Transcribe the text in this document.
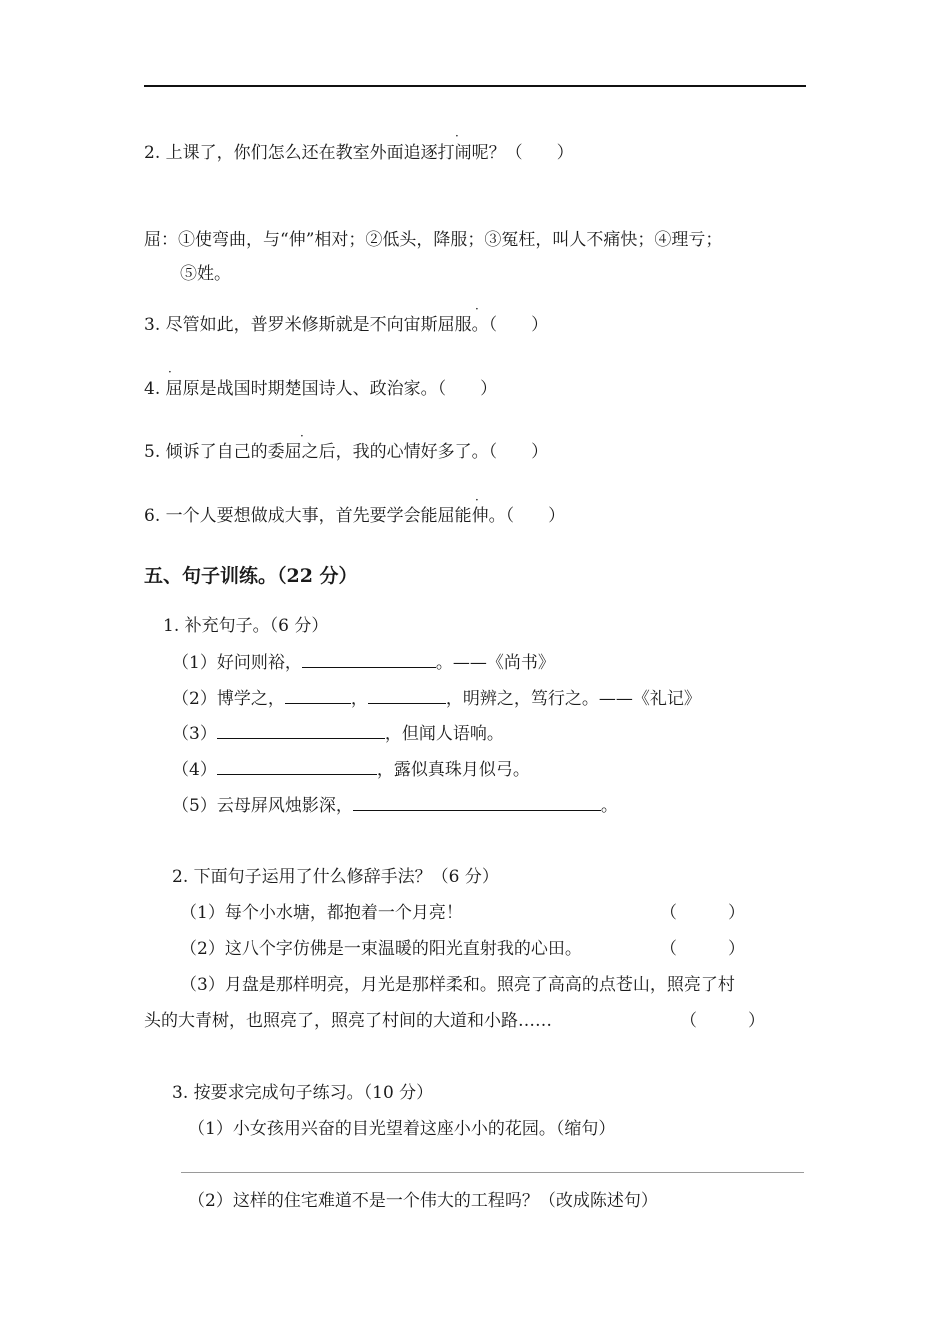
·
2. 上课了，你们怎么还在教室外面追逐打闹呢？（　　）
屈：①使弯曲，与“伸”相对；②低头，降服；③冤枉，叫人不痛快；④理亏；
⑤姓。
·
3. 尽管如此，普罗米修斯就是不向宙斯屈服。（　　）
·
4. 屈原是战国时期楚国诗人、政治家。（　　）
·
5. 倾诉了自己的委屈之后，我的心情好多了。（　　）
·
6. 一个人要想做成大事，首先要学会能屈能伸。（　　）
五、句子训练。（22 分）
1. 补充句子。（6 分）
（1）好问则裕，	。——《尚书》
（2）博学之，	，	，明辨之，笃行之。——《礼记》
（3）	，但闻人语响。
（4）	，露似真珠月似弓。
（5）云母屏风烛影深，	。
2. 下面句子运用了什么修辞手法？（6 分）
（1）每个小水塘，都抱着一个月亮！	（　　　）
（2）这八个字仿佛是一束温暖的阳光直射我的心田。	（　　　）
（3）月盘是那样明亮，月光是那样柔和。照亮了高高的点苍山，照亮了村
头的大青树，也照亮了，照亮了村间的大道和小路……	（　　　）
3. 按要求完成句子练习。（10 分）
（1）小女孩用兴奋的目光望着这座小小的花园。（缩句）
（2）这样的住宅难道不是一个伟大的工程吗？（改成陈述句）
